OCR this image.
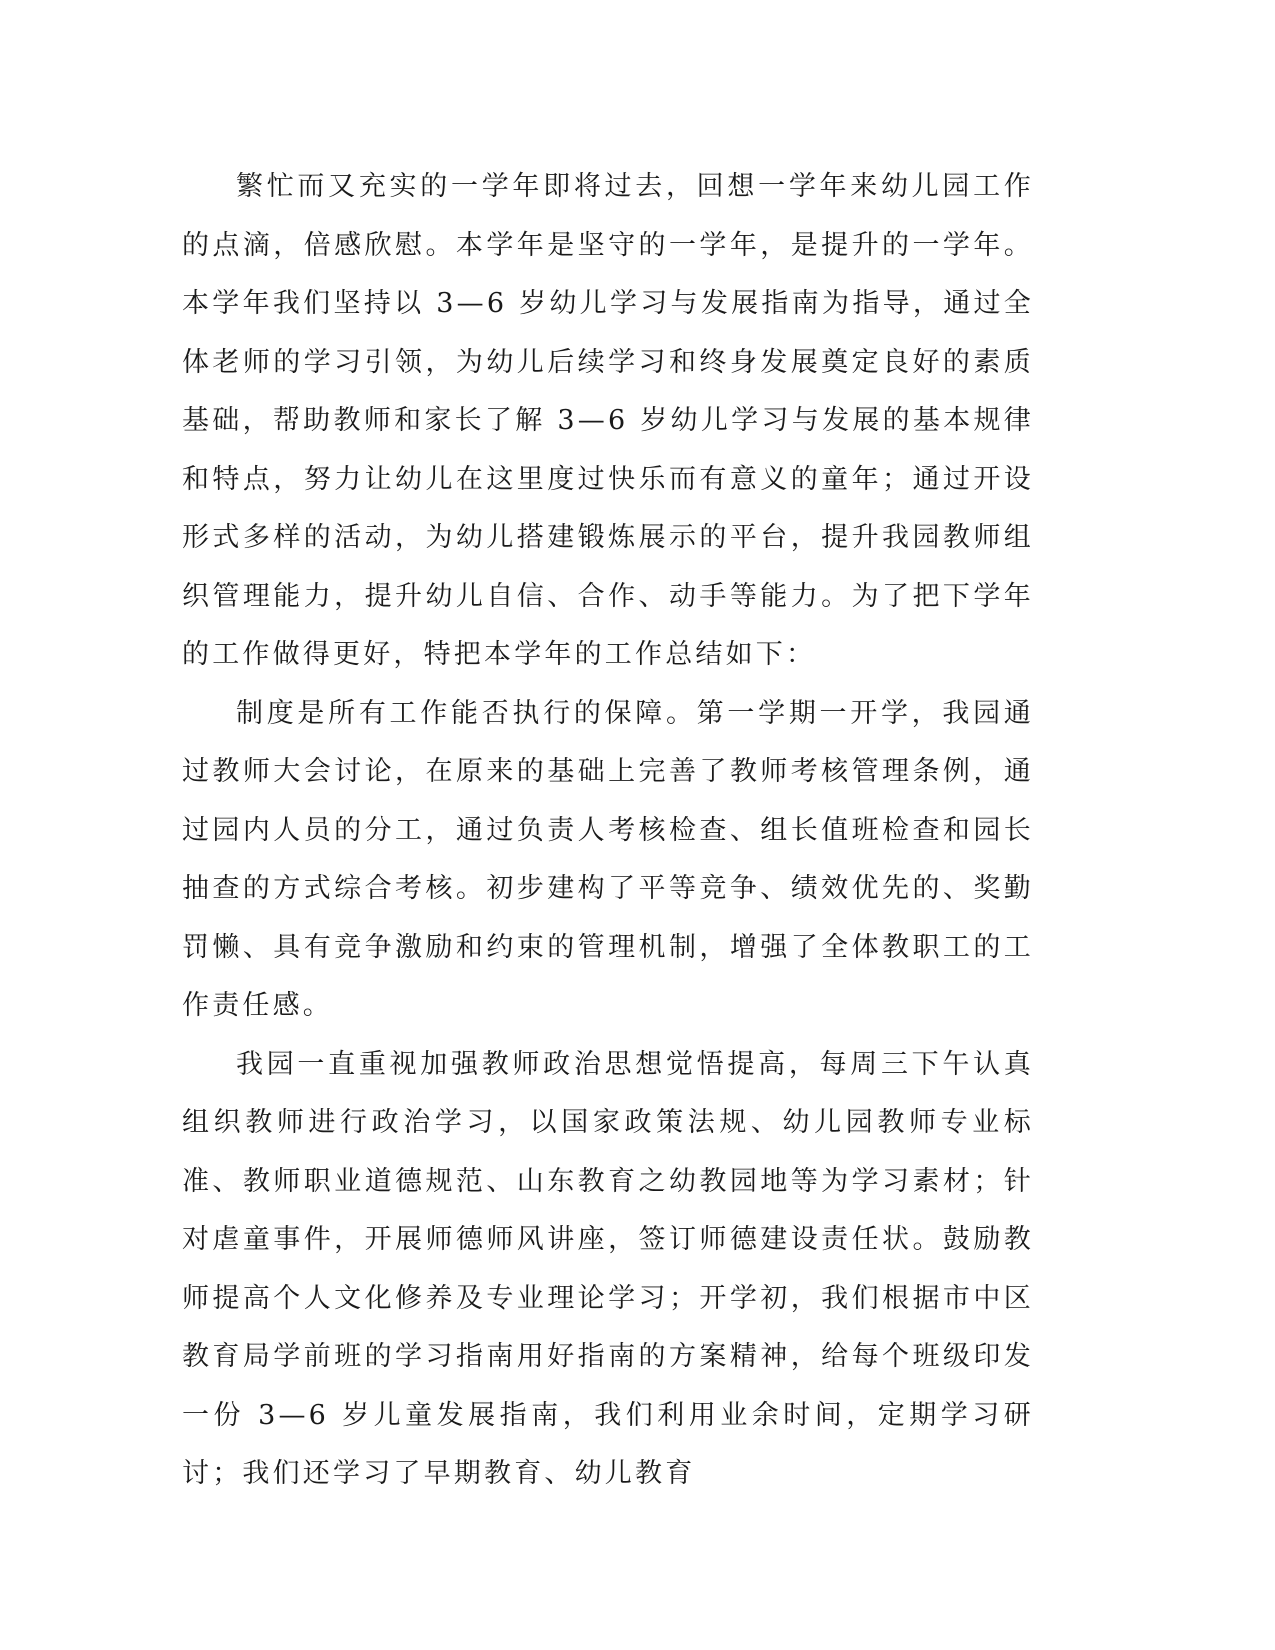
繁忙而又充实的一学年即将过去，回想一学年来幼儿园工作的点滴，倍感欣慰。本学年是坚守的一学年，是提升的一学年。本学年我们坚持以 3—6 岁幼儿学习与发展指南为指导，通过全体老师的学习引领，为幼儿后续学习和终身发展奠定良好的素质基础，帮助教师和家长了解 3—6 岁幼儿学习与发展的基本规律和特点，努力让幼儿在这里度过快乐而有意义的童年；通过开设形式多样的活动，为幼儿搭建锻炼展示的平台，提升我园教师组织管理能力，提升幼儿自信、合作、动手等能力。为了把下学年的工作做得更好，特把本学年的工作总结如下：

制度是所有工作能否执行的保障。第一学期一开学，我园通过教师大会讨论，在原来的基础上完善了教师考核管理条例，通过园内人员的分工，通过负责人考核检查、组长值班检查和园长抽查的方式综合考核。初步建构了平等竞争、绩效优先的、奖勤罚懒、具有竞争激励和约束的管理机制，增强了全体教职工的工作责任感。

我园一直重视加强教师政治思想觉悟提高，每周三下午认真组织教师进行政治学习，以国家政策法规、幼儿园教师专业标准、教师职业道德规范、山东教育之幼教园地等为学习素材；针对虐童事件，开展师德师风讲座，签订师德建设责任状。鼓励教师提高个人文化修养及专业理论学习；开学初，我们根据市中区教育局学前班的学习指南用好指南的方案精神，给每个班级印发一份 3—6 岁儿童发展指南，我们利用业余时间，定期学习研讨；我们还学习了早期教育、幼儿教育
